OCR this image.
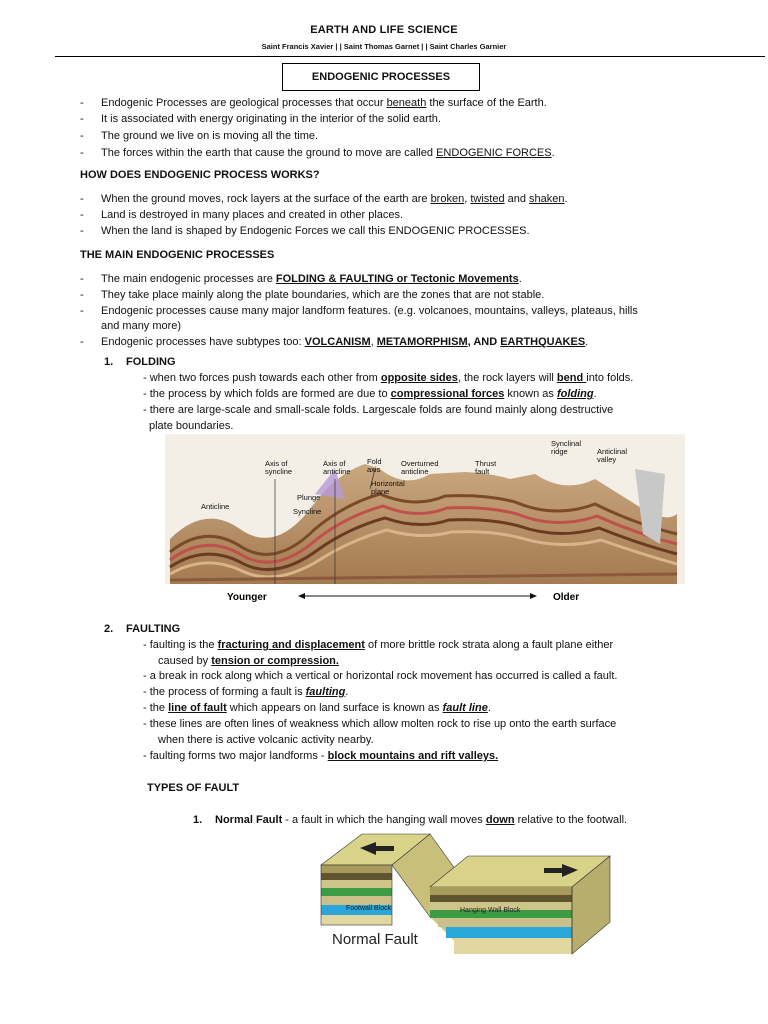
EARTH AND LIFE SCIENCE
Saint Francis Xavier | | Saint Thomas Garnet | | Saint Charles Garnier
ENDOGENIC PROCESSES
- Endogenic Processes are geological processes that occur beneath the surface of the Earth.
- It is associated with energy originating in the interior of the solid earth.
- The ground we live on is moving all the time.
- The forces within the earth that cause the ground to move are called ENDOGENIC FORCES.
HOW DOES ENDOGENIC PROCESS WORKS?
- When the ground moves, rock layers at the surface of the earth are broken, twisted and shaken.
- Land is destroyed in many places and created in other places.
- When the land is shaped by Endogenic Forces we call this ENDOGENIC PROCESSES.
THE MAIN ENDOGENIC PROCESSES
- The main endogenic processes are FOLDING & FAULTING or Tectonic Movements.
- They take place mainly along the plate boundaries, which are the zones that are not stable.
- Endogenic processes cause many major landform features. (e.g. volcanoes, mountains, valleys, plateaus, hills
and many more)
- Endogenic processes have subtypes too: VOLCANISM, METAMORPHISM, AND EARTHQUAKES.
1. FOLDING
- when two forces push towards each other from opposite sides, the rock layers will bend into folds.
- the process by which folds are formed are due to compressional forces known as folding.
- there are large-scale and small-scale folds. Largescale folds are found mainly along destructive
plate boundaries.
Axis of syncline
Axis of anticline
Fold axis
Horizontal plane
Overturned anticline
Thrust fault
Synclinal ridge	Anticlinal valley
Anticline
Plunge
Syncline
Younger	Older
2. FAULTING
- faulting is the fracturing and displacement of more brittle rock strata along a fault plane either
caused by tension or compression.
- a break in rock along which a vertical or horizontal rock movement has occurred is called a fault.
- the process of forming a fault is faulting.
- the line of fault which appears on land surface is known as fault line.
- these lines are often lines of weakness which allow molten rock to rise up onto the earth surface
when there is active volcanic activity nearby.
- faulting forms two major landforms - block mountains and rift valleys.
TYPES OF FAULT
1. Normal Fault - a fault in which the hanging wall moves down relative to the footwall.
Footwall Block	Hanging Wall Block
Normal Fault
